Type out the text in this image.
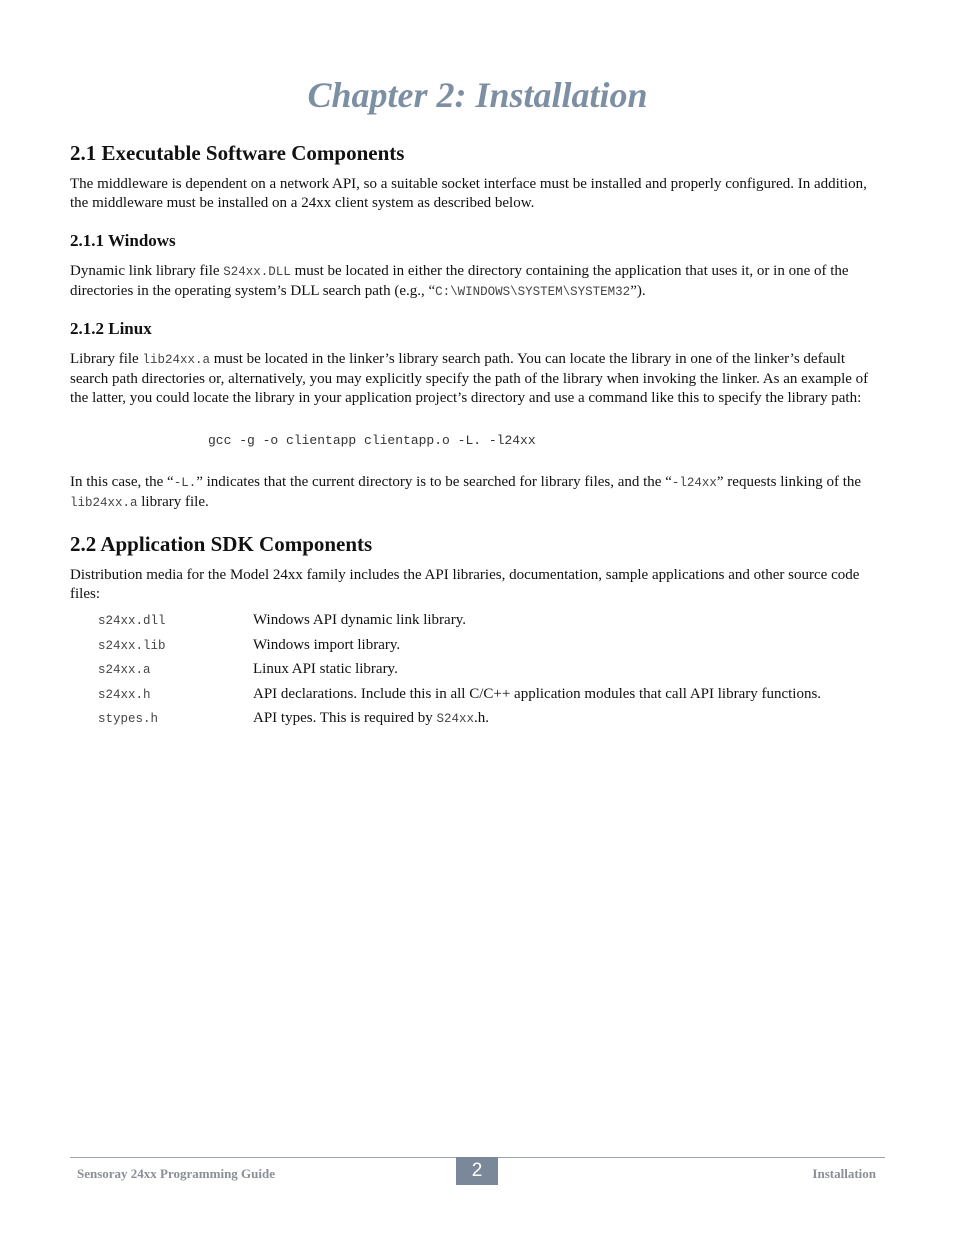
Chapter 2: Installation
2.1 Executable Software Components

The middleware is dependent on a network API, so a suitable socket interface must be installed and properly configured. In addition, the middleware must be installed on a 24xx client system as described below.

2.1.1 Windows

Dynamic link library file S24xx.DLL must be located in either the directory containing the application that uses it, or in one of the directories in the operating system’s DLL search path (e.g., “C:\WINDOWS\SYSTEM\SYSTEM32”).

2.1.2 Linux

Library file lib24xx.a must be located in the linker’s library search path. You can locate the library in one of the linker’s default search path directories or, alternatively, you may explicitly specify the path of the library when invoking the linker. As an example of the latter, you could locate the library in your application project’s directory and use a command like this to specify the library path:

gcc -g -o clientapp clientapp.o -L. -l24xx

In this case, the “-L.” indicates that the current directory is to be searched for library files, and the “-l24xx” requests linking of the lib24xx.a library file.

2.2 Application SDK Components

Distribution media for the Model 24xx family includes the API libraries, documentation, sample applications and other source code files:

s24xx.dll	Windows API dynamic link library.
s24xx.lib	Windows import library.
s24xx.a	Linux API static library.
s24xx.h	API declarations. Include this in all C/C++ application modules that call API library functions.
stypes.h	API types. This is required by S24xx.h.
Sensoray 24xx Programming Guide	2	Installation
